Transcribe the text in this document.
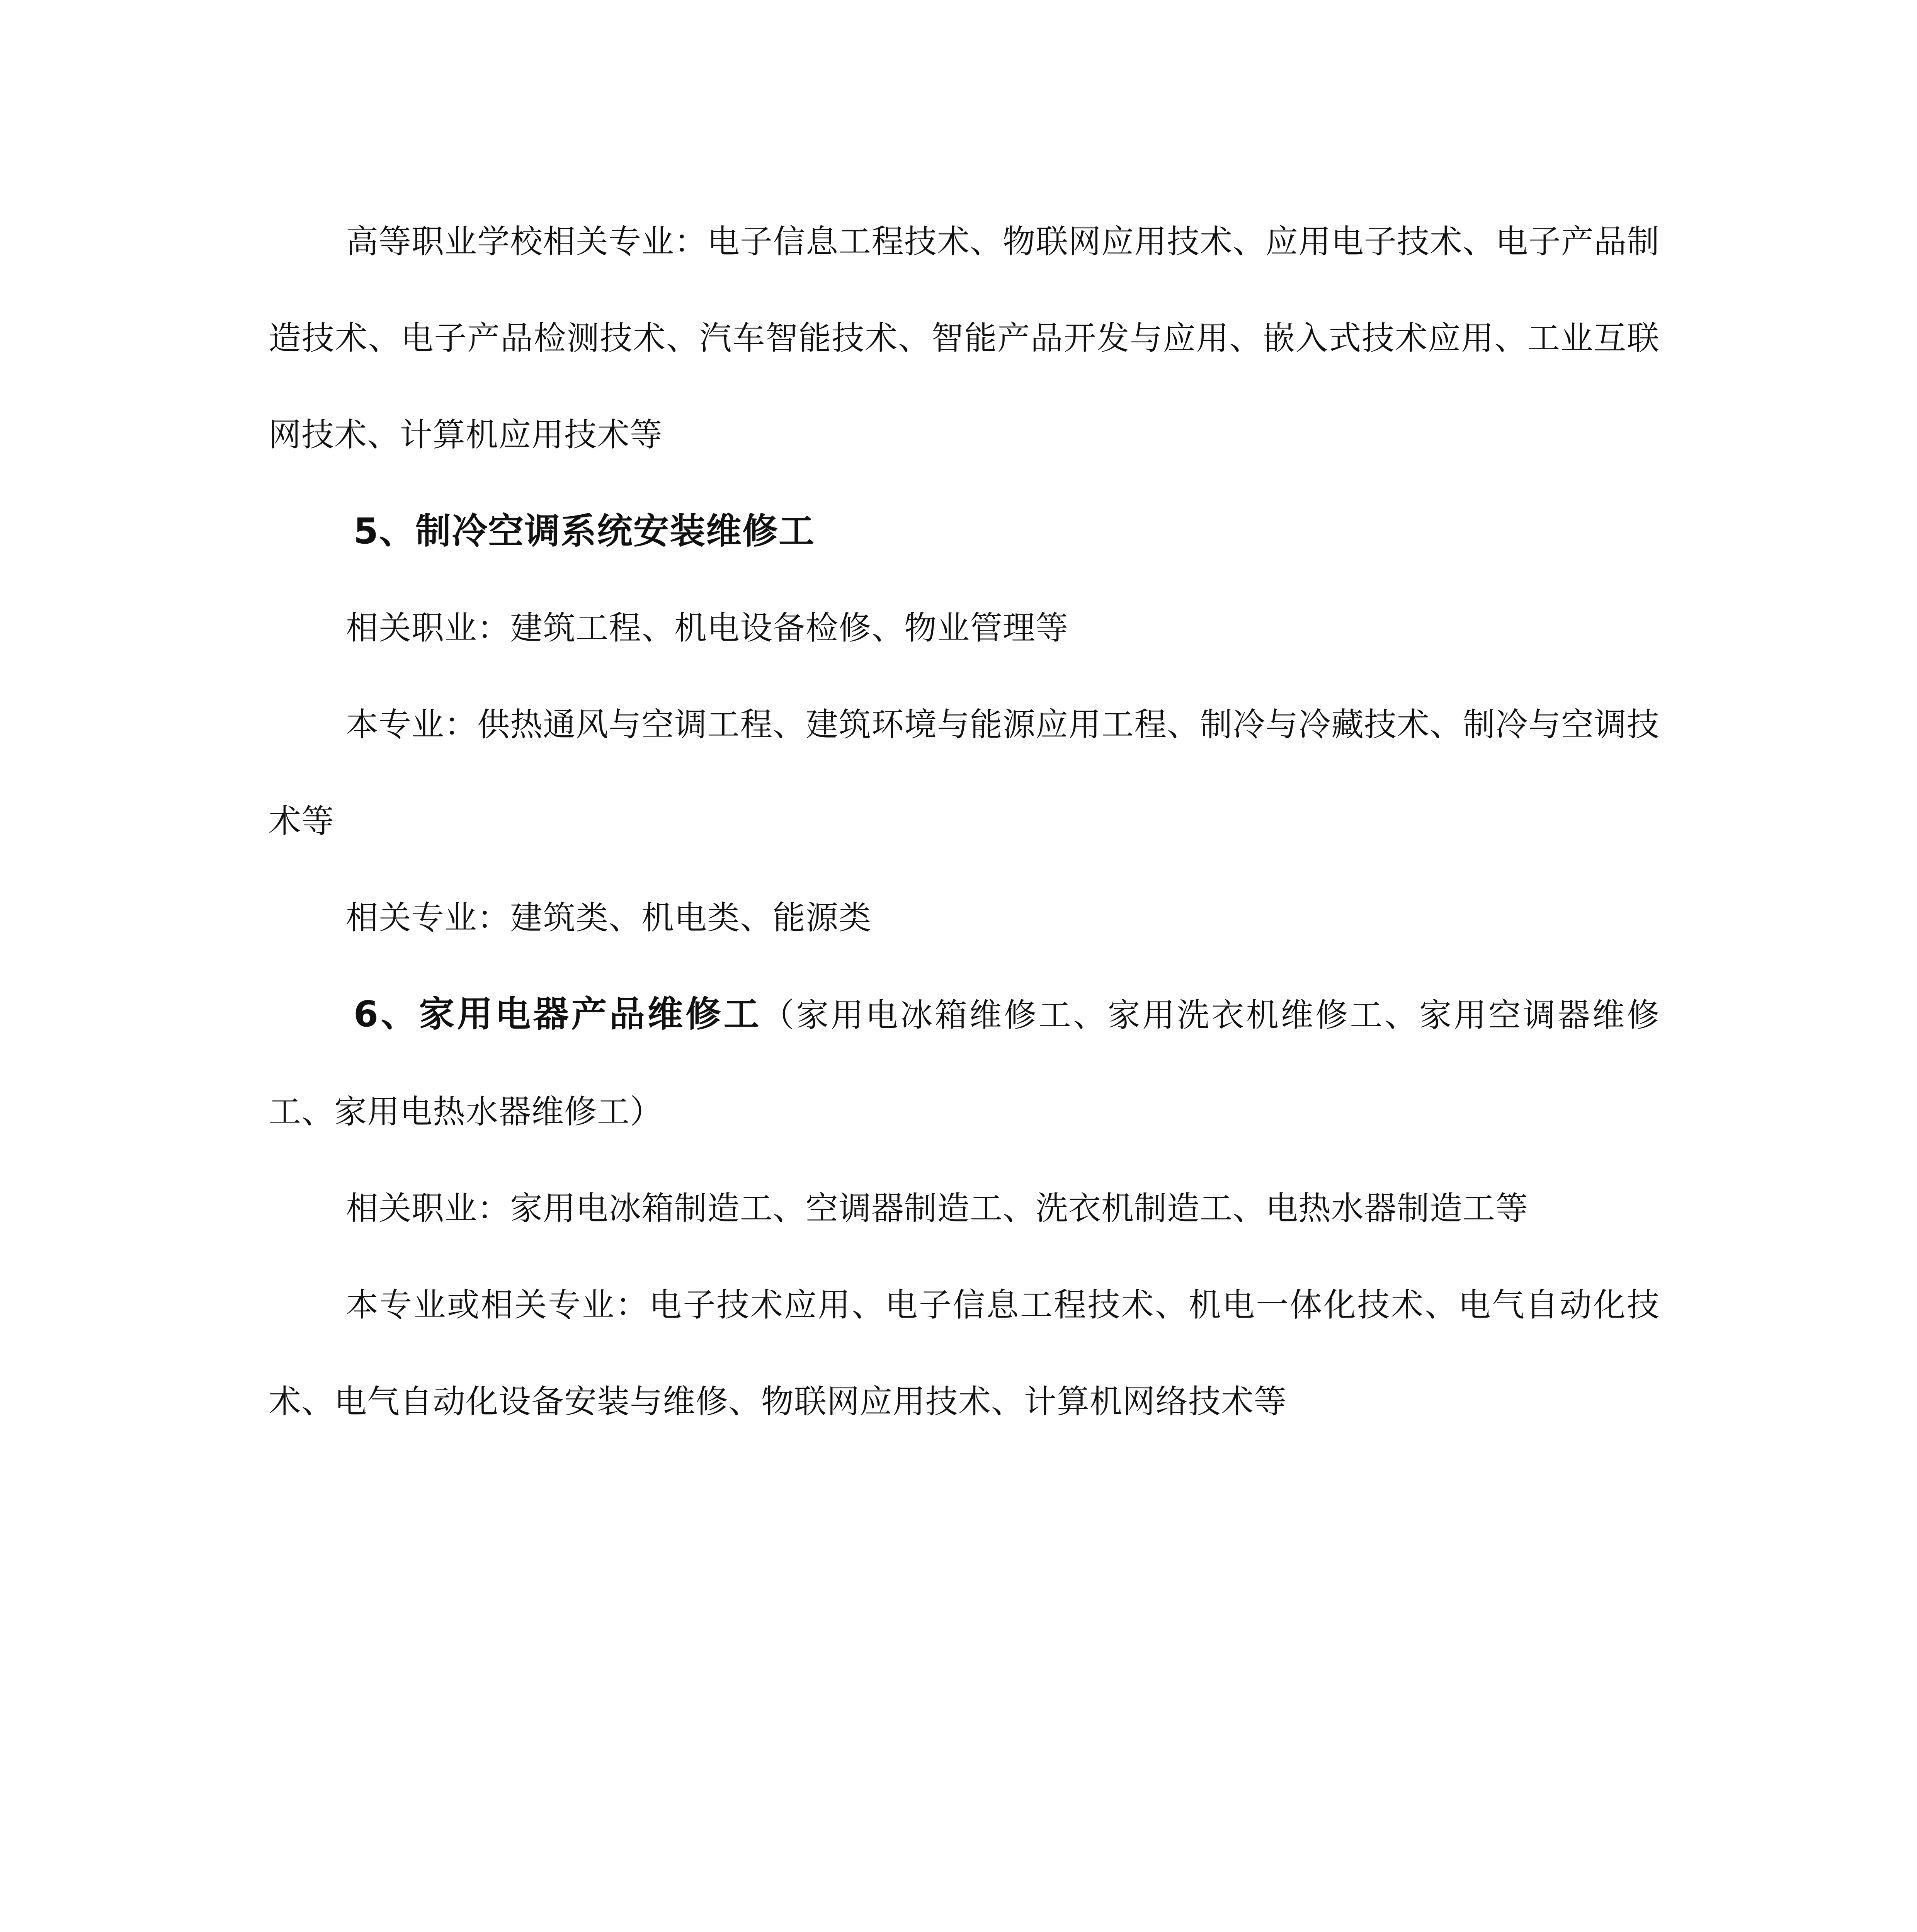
高等职业学校相关专业：电子信息工程技术、物联网应用技术、应用电子技术、电子产品制造技术、电子产品检测技术、汽车智能技术、智能产品开发与应用、嵌入式技术应用、工业互联网技术、计算机应用技术等

5、制冷空调系统安装维修工

相关职业：建筑工程、机电设备检修、物业管理等

本专业：供热通风与空调工程、建筑环境与能源应用工程、制冷与冷藏技术、制冷与空调技术等

相关专业：建筑类、机电类、能源类

6、家用电器产品维修工（家用电冰箱维修工、家用洗衣机维修工、家用空调器维修工、家用电热水器维修工）

相关职业：家用电冰箱制造工、空调器制造工、洗衣机制造工、电热水器制造工等

本专业或相关专业：电子技术应用、电子信息工程技术、机电一体化技术、电气自动化技术、电气自动化设备安装与维修、物联网应用技术、计算机网络技术等
